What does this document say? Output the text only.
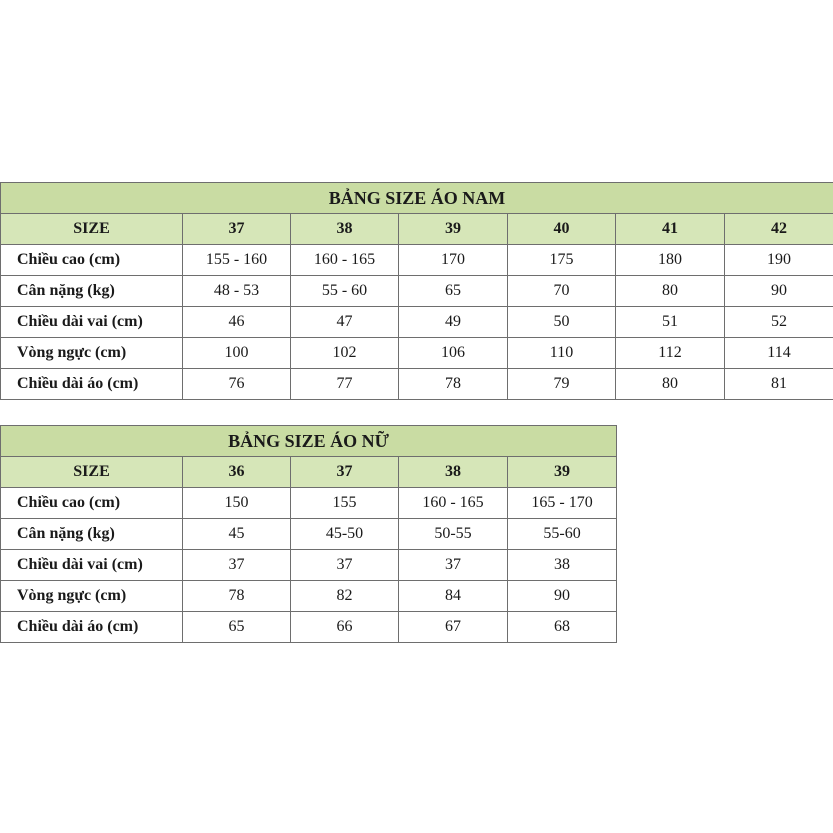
BẢNG SIZE ÁO NAM						
SIZE	37	38	39	40	41	42
Chiều cao (cm)	155 - 160	160 - 165	170	175	180	190
Cân nặng (kg)	48 - 53	55 - 60	65	70	80	90
Chiều dài vai (cm)	46	47	49	50	51	52
Vòng ngực (cm)	100	102	106	110	112	114
Chiều dài áo (cm)	76	77	78	79	80	81
BẢNG SIZE ÁO NỮ				
SIZE	36	37	38	39
Chiều cao (cm)	150	155	160 - 165	165 - 170
Cân nặng (kg)	45	45-50	50-55	55-60
Chiều dài vai (cm)	37	37	37	38
Vòng ngực (cm)	78	82	84	90
Chiều dài áo (cm)	65	66	67	68
